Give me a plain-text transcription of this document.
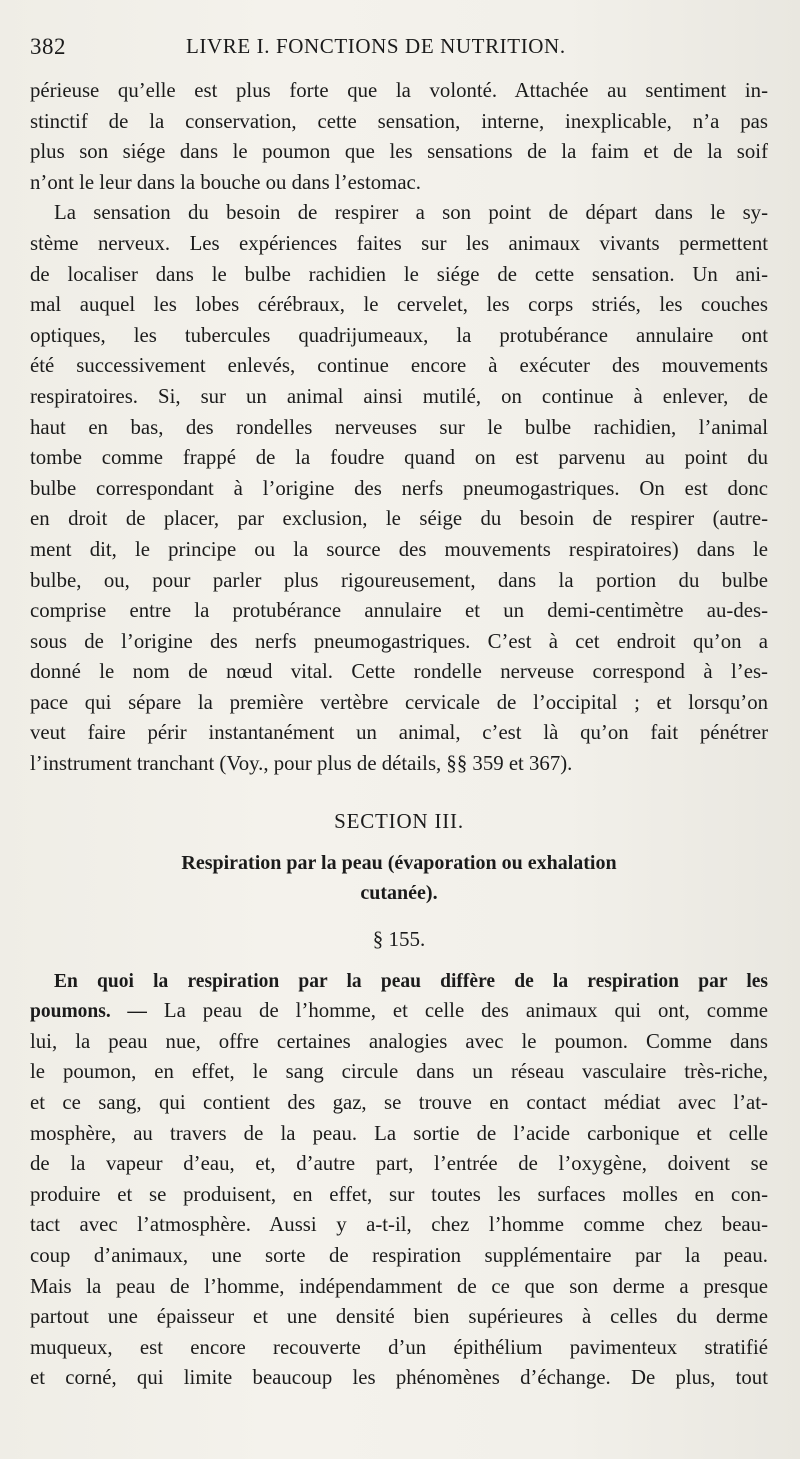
382	LIVRE I. FONCTIONS DE NUTRITION.
périeuse qu’elle est plus forte que la volonté. Attachée au sentiment in-
stinctif de la conservation, cette sensation, interne, inexplicable, n’a pas
plus son siége dans le poumon que les sensations de la faim et de la soif
n’ont le leur dans la bouche ou dans l’estomac.
La sensation du besoin de respirer a son point de départ dans le sy-
stème nerveux. Les expériences faites sur les animaux vivants permettent
de localiser dans le bulbe rachidien le siége de cette sensation. Un ani-
mal auquel les lobes cérébraux, le cervelet, les corps striés, les couches
optiques, les tubercules quadrijumeaux, la protubérance annulaire ont
été successivement enlevés, continue encore à exécuter des mouvements
respiratoires. Si, sur un animal ainsi mutilé, on continue à enlever, de
haut en bas, des rondelles nerveuses sur le bulbe rachidien, l’animal
tombe comme frappé de la foudre quand on est parvenu au point du
bulbe correspondant à l’origine des nerfs pneumogastriques. On est donc
en droit de placer, par exclusion, le séige du besoin de respirer (autre-
ment dit, le principe ou la source des mouvements respiratoires) dans le
bulbe, ou, pour parler plus rigoureusement, dans la portion du bulbe
comprise entre la protubérance annulaire et un demi-centimètre au-des-
sous de l’origine des nerfs pneumogastriques. C’est à cet endroit qu’on a
donné le nom de nœud vital. Cette rondelle nerveuse correspond à l’es-
pace qui sépare la première vertèbre cervicale de l’occipital ; et lorsqu’on
veut faire périr instantanément un animal, c’est là qu’on fait pénétrer
l’instrument tranchant (Voy., pour plus de détails, §§ 359 et 367).
SECTION III.
Respiration par la peau (évaporation ou exhalation
cutanée).
§ 155.
En quoi la respiration par la peau diffère de la respiration par les
poumons. — La peau de l’homme, et celle des animaux qui ont, comme
lui, la peau nue, offre certaines analogies avec le poumon. Comme dans
le poumon, en effet, le sang circule dans un réseau vasculaire très-riche,
et ce sang, qui contient des gaz, se trouve en contact médiat avec l’at-
mosphère, au travers de la peau. La sortie de l’acide carbonique et celle
de la vapeur d’eau, et, d’autre part, l’entrée de l’oxygène, doivent se
produire et se produisent, en effet, sur toutes les surfaces molles en con-
tact avec l’atmosphère. Aussi y a-t-il, chez l’homme comme chez beau-
coup d’animaux, une sorte de respiration supplémentaire par la peau.
Mais la peau de l’homme, indépendamment de ce que son derme a presque
partout une épaisseur et une densité bien supérieures à celles du derme
muqueux, est encore recouverte d’un épithélium pavimenteux stratifié
et corné, qui limite beaucoup les phénomènes d’échange. De plus, tout
